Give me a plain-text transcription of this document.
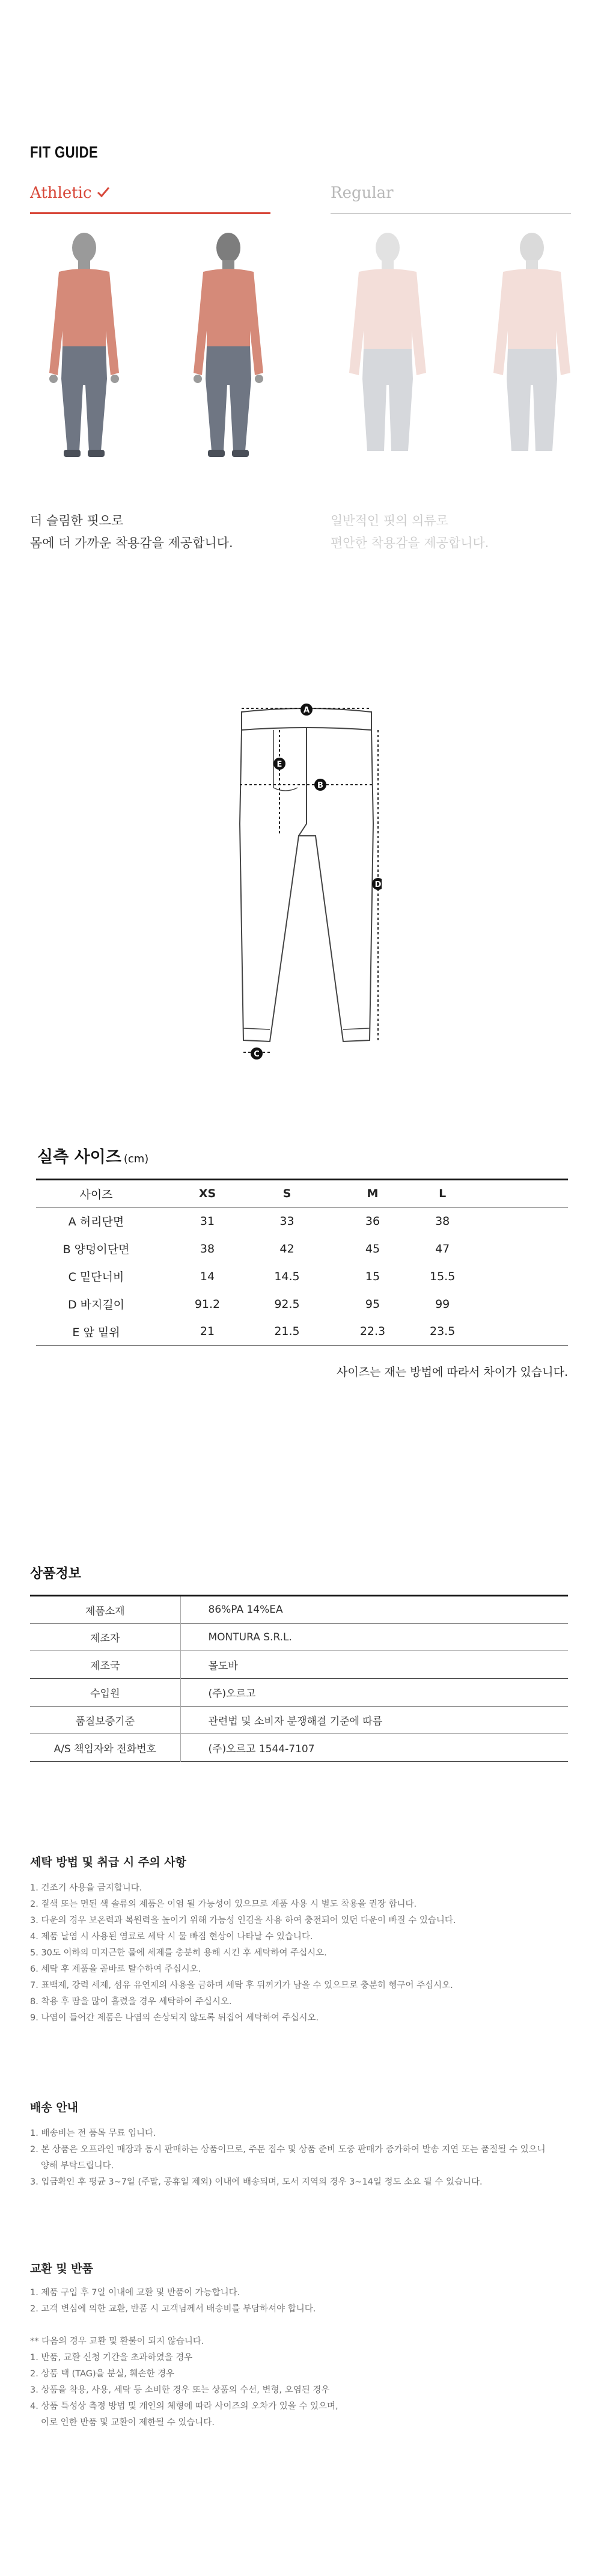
FIT GUIDE
Athletic	Regular
더 슬림한 핏으로
몸에 더 가까운 착용감을 제공합니다.
일반적인 핏의 의류로
편안한 착용감을 제공합니다.
A
B
C
D
E
실측 사이즈 (cm)
사이즈	XS	S	M	L	
A 허리단면	31	33	36	38	
B 양덩이단면	38	42	45	47	
C 밑단너비	14	14.5	15	15.5	
D 바지길이	91.2	92.5	95	99	
E 앞 밑위	21	21.5	22.3	23.5	
사이즈는 재는 방법에 따라서 차이가 있습니다.
상품정보
제품소재	86%PA 14%EA
제조자	MONTURA S.R.L.
제조국	몰도바
수입원	(주)오르고
품질보증기준	관련법 및 소비자 분쟁해결 기준에 따름
A/S 책임자와 전화번호	(주)오르고 1544-7107
세탁 방법 및 취급 시 주의 사항
1. 건조기 사용을 금지합니다.
2. 짙색 또는 면된 색 솔류의 제품은 이염 될 가능성이 있으므로 제품 사용 시 별도 착용을 권장 합니다.
3. 다운의 경우 보온력과 복원력을 높이기 위해 가능성 인김을 사용 하여 충전되어 있던 다운이 빠질 수 있습니다.
4. 제품 날염 시 사용된 염료로 세탁 시 물 빠짐 현상이 나타날 수 있습니다.
5. 30도 이하의 미지근한 물에 세제를 충분히 용해 시킨 후 세탁하여 주십시오.
6. 세탁 후 제품을 곧바로 탈수하여 주십시오.
7. 표백제, 강력 세제, 섬유 유연제의 사용을 금하며 세탁 후 뒤꺼기가 남을 수 있으므로 충분히 헹구어 주십시오.
8. 착용 후 땀을 많이 흘렸을 경우 세탁하여 주십시오.
9. 나염이 들어간 제품은 나염의 손상되지 않도록 뒤집어 세탁하여 주십시오.
배송 안내
1. 배송비는 전 품목 무료 입니다.
2. 본 상품은 오프라인 매장과 동시 판매하는 상품이므로, 주문 접수 및 상품 준비 도중 판매가 증가하여 발송 지연 또는 품절될 수 있으니
양해 부탁드립니다.
3. 입금확인 후 평균 3~7일 (주말, 공휴일 제외) 이내에 배송되며, 도서 지역의 경우 3~14일 정도 소요 될 수 있습니다.
교환 및 반품
1. 제품 구입 후 7일 이내에 교환 및 반품이 가능합니다.
2. 고객 변심에 의한 교환, 반품 시 고객님께서 배송비를 부담하셔야 합니다.
** 다음의 경우 교환 및 환불이 되지 않습니다.
1. 반품, 교환 신청 기간을 초과하였을 경우
2. 상품 택 (TAG)을 분실, 훼손한 경우
3. 상품을 착용, 사용, 세탁 등 소비한 경우 또는 상품의 수선, 변형, 오염된 경우
4. 상품 특성상 측정 방법 및 개인의 체형에 따라 사이즈의 오차가 있을 수 있으며,
이로 인한 반품 및 교환이 제한될 수 있습니다.
